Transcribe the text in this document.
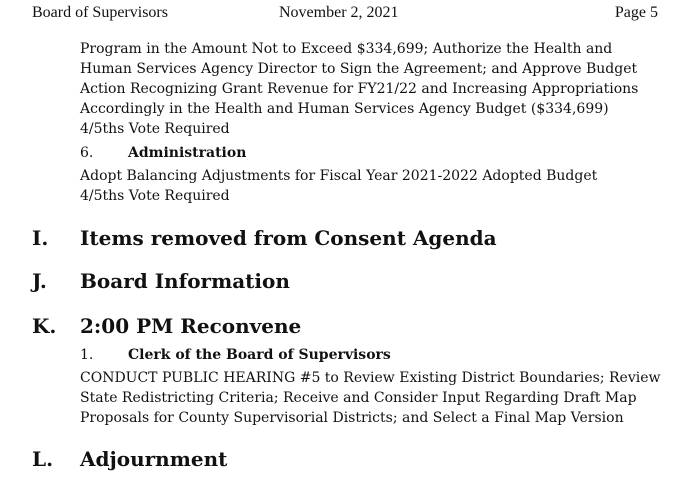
Board of Supervisors	November 2, 2021	Page 5
Program in the Amount Not to Exceed $334,699; Authorize the Health and
Human Services Agency Director to Sign the Agreement; and Approve Budget
Action Recognizing Grant Revenue for FY21/22 and Increasing Appropriations
Accordingly in the Health and Human Services Agency Budget ($334,699)
4/5ths Vote Required
6. Administration
Adopt Balancing Adjustments for Fiscal Year 2021-2022 Adopted Budget
4/5ths Vote Required
I. Items removed from Consent Agenda
J. Board Information
K. 2:00 PM Reconvene
1. Clerk of the Board of Supervisors
CONDUCT PUBLIC HEARING #5 to Review Existing District Boundaries; Review
State Redistricting Criteria; Receive and Consider Input Regarding Draft Map
Proposals for County Supervisorial Districts; and Select a Final Map Version
L. Adjournment
